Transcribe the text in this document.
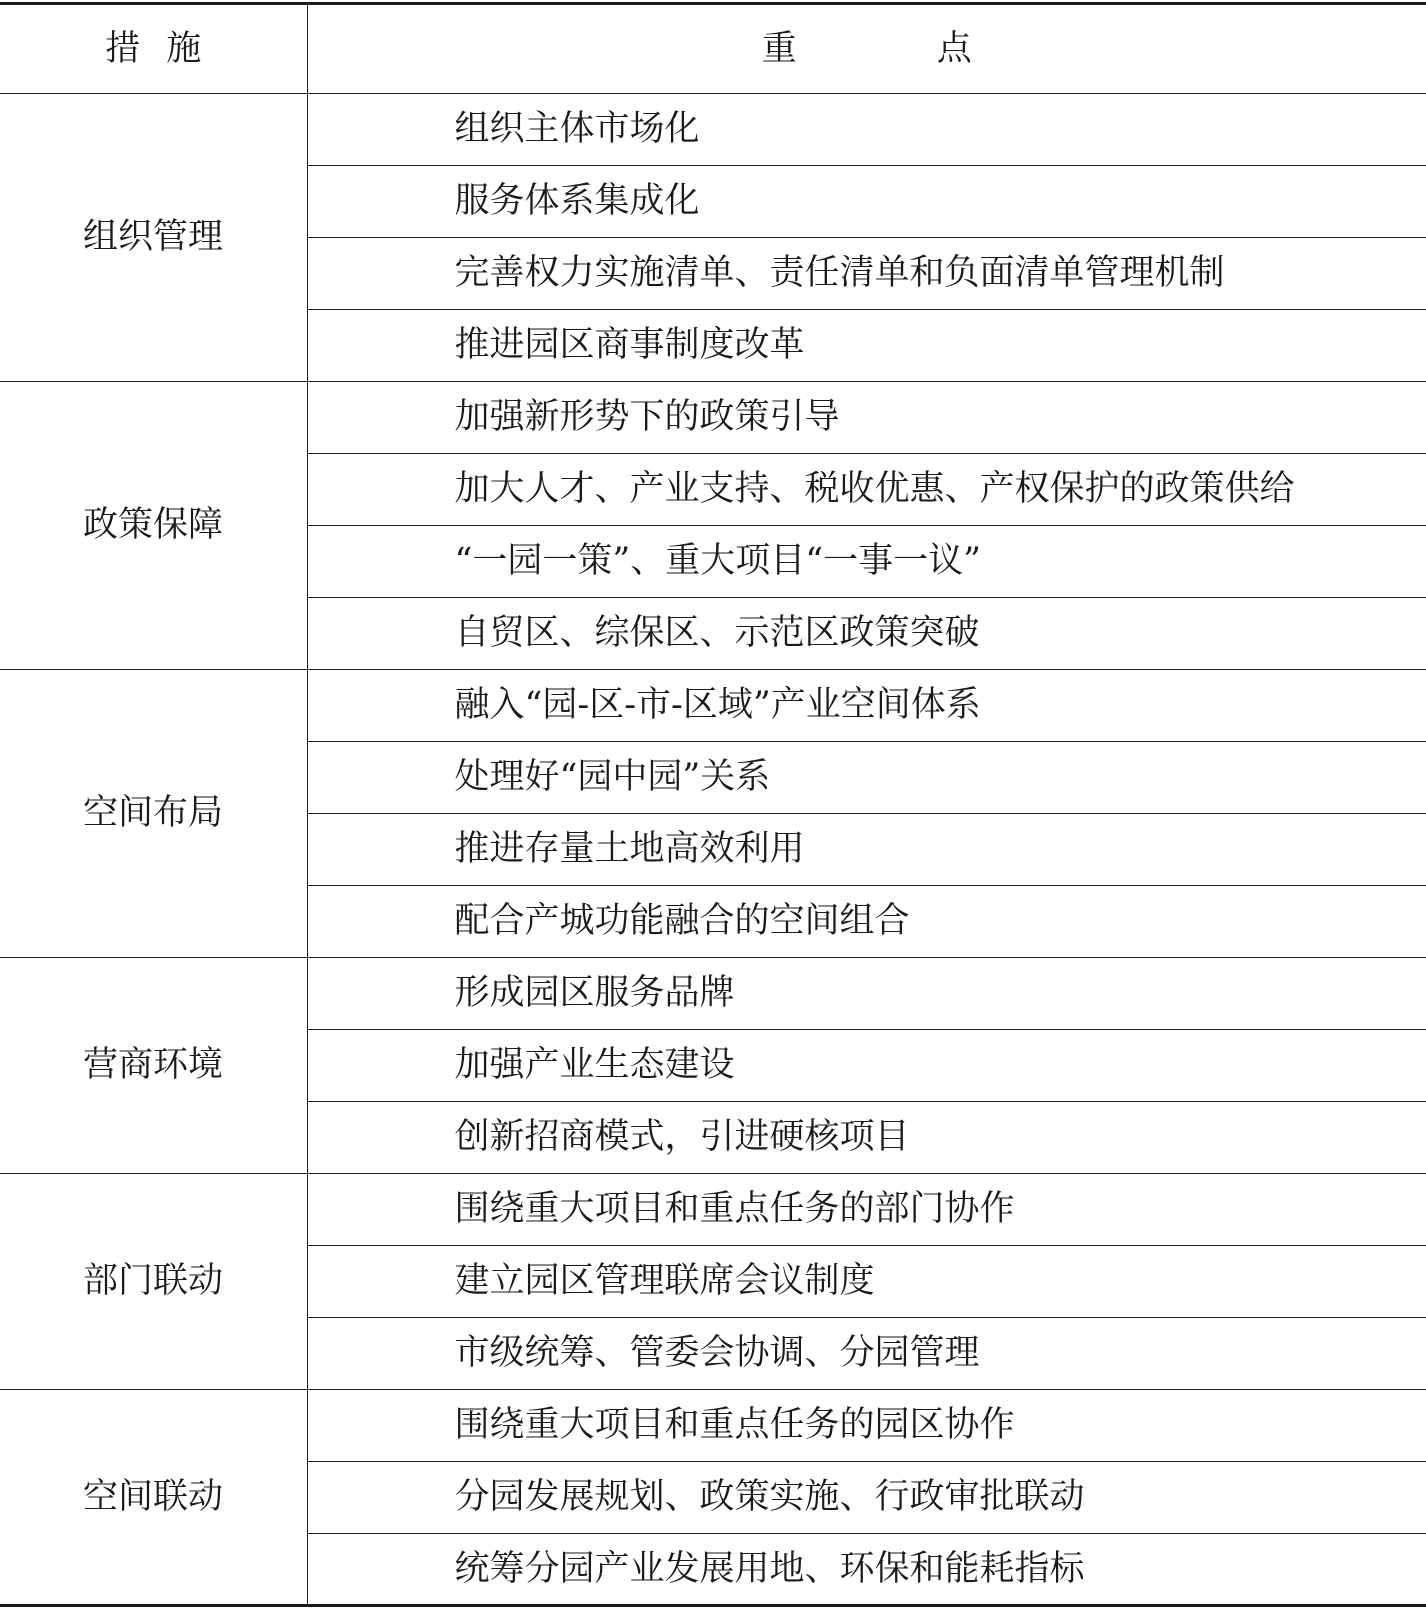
措施	重点
组织管理	组织主体市场化
	服务体系集成化
	完善权力实施清单、责任清单和负面清单管理机制
	推进园区商事制度改革
政策保障	加强新形势下的政策引导
	加大人才、产业支持、税收优惠、产权保护的政策供给
	“一园一策”、重大项目“一事一议”
	自贸区、综保区、示范区政策突破
空间布局	融入“园-区-市-区域”产业空间体系
	处理好“园中园”关系
	推进存量土地高效利用
	配合产城功能融合的空间组合
营商环境	形成园区服务品牌
	加强产业生态建设
	创新招商模式，引进硬核项目
部门联动	围绕重大项目和重点任务的部门协作
	建立园区管理联席会议制度
	市级统筹、管委会协调、分园管理
空间联动	围绕重大项目和重点任务的园区协作
	分园发展规划、政策实施、行政审批联动
	统筹分园产业发展用地、环保和能耗指标
